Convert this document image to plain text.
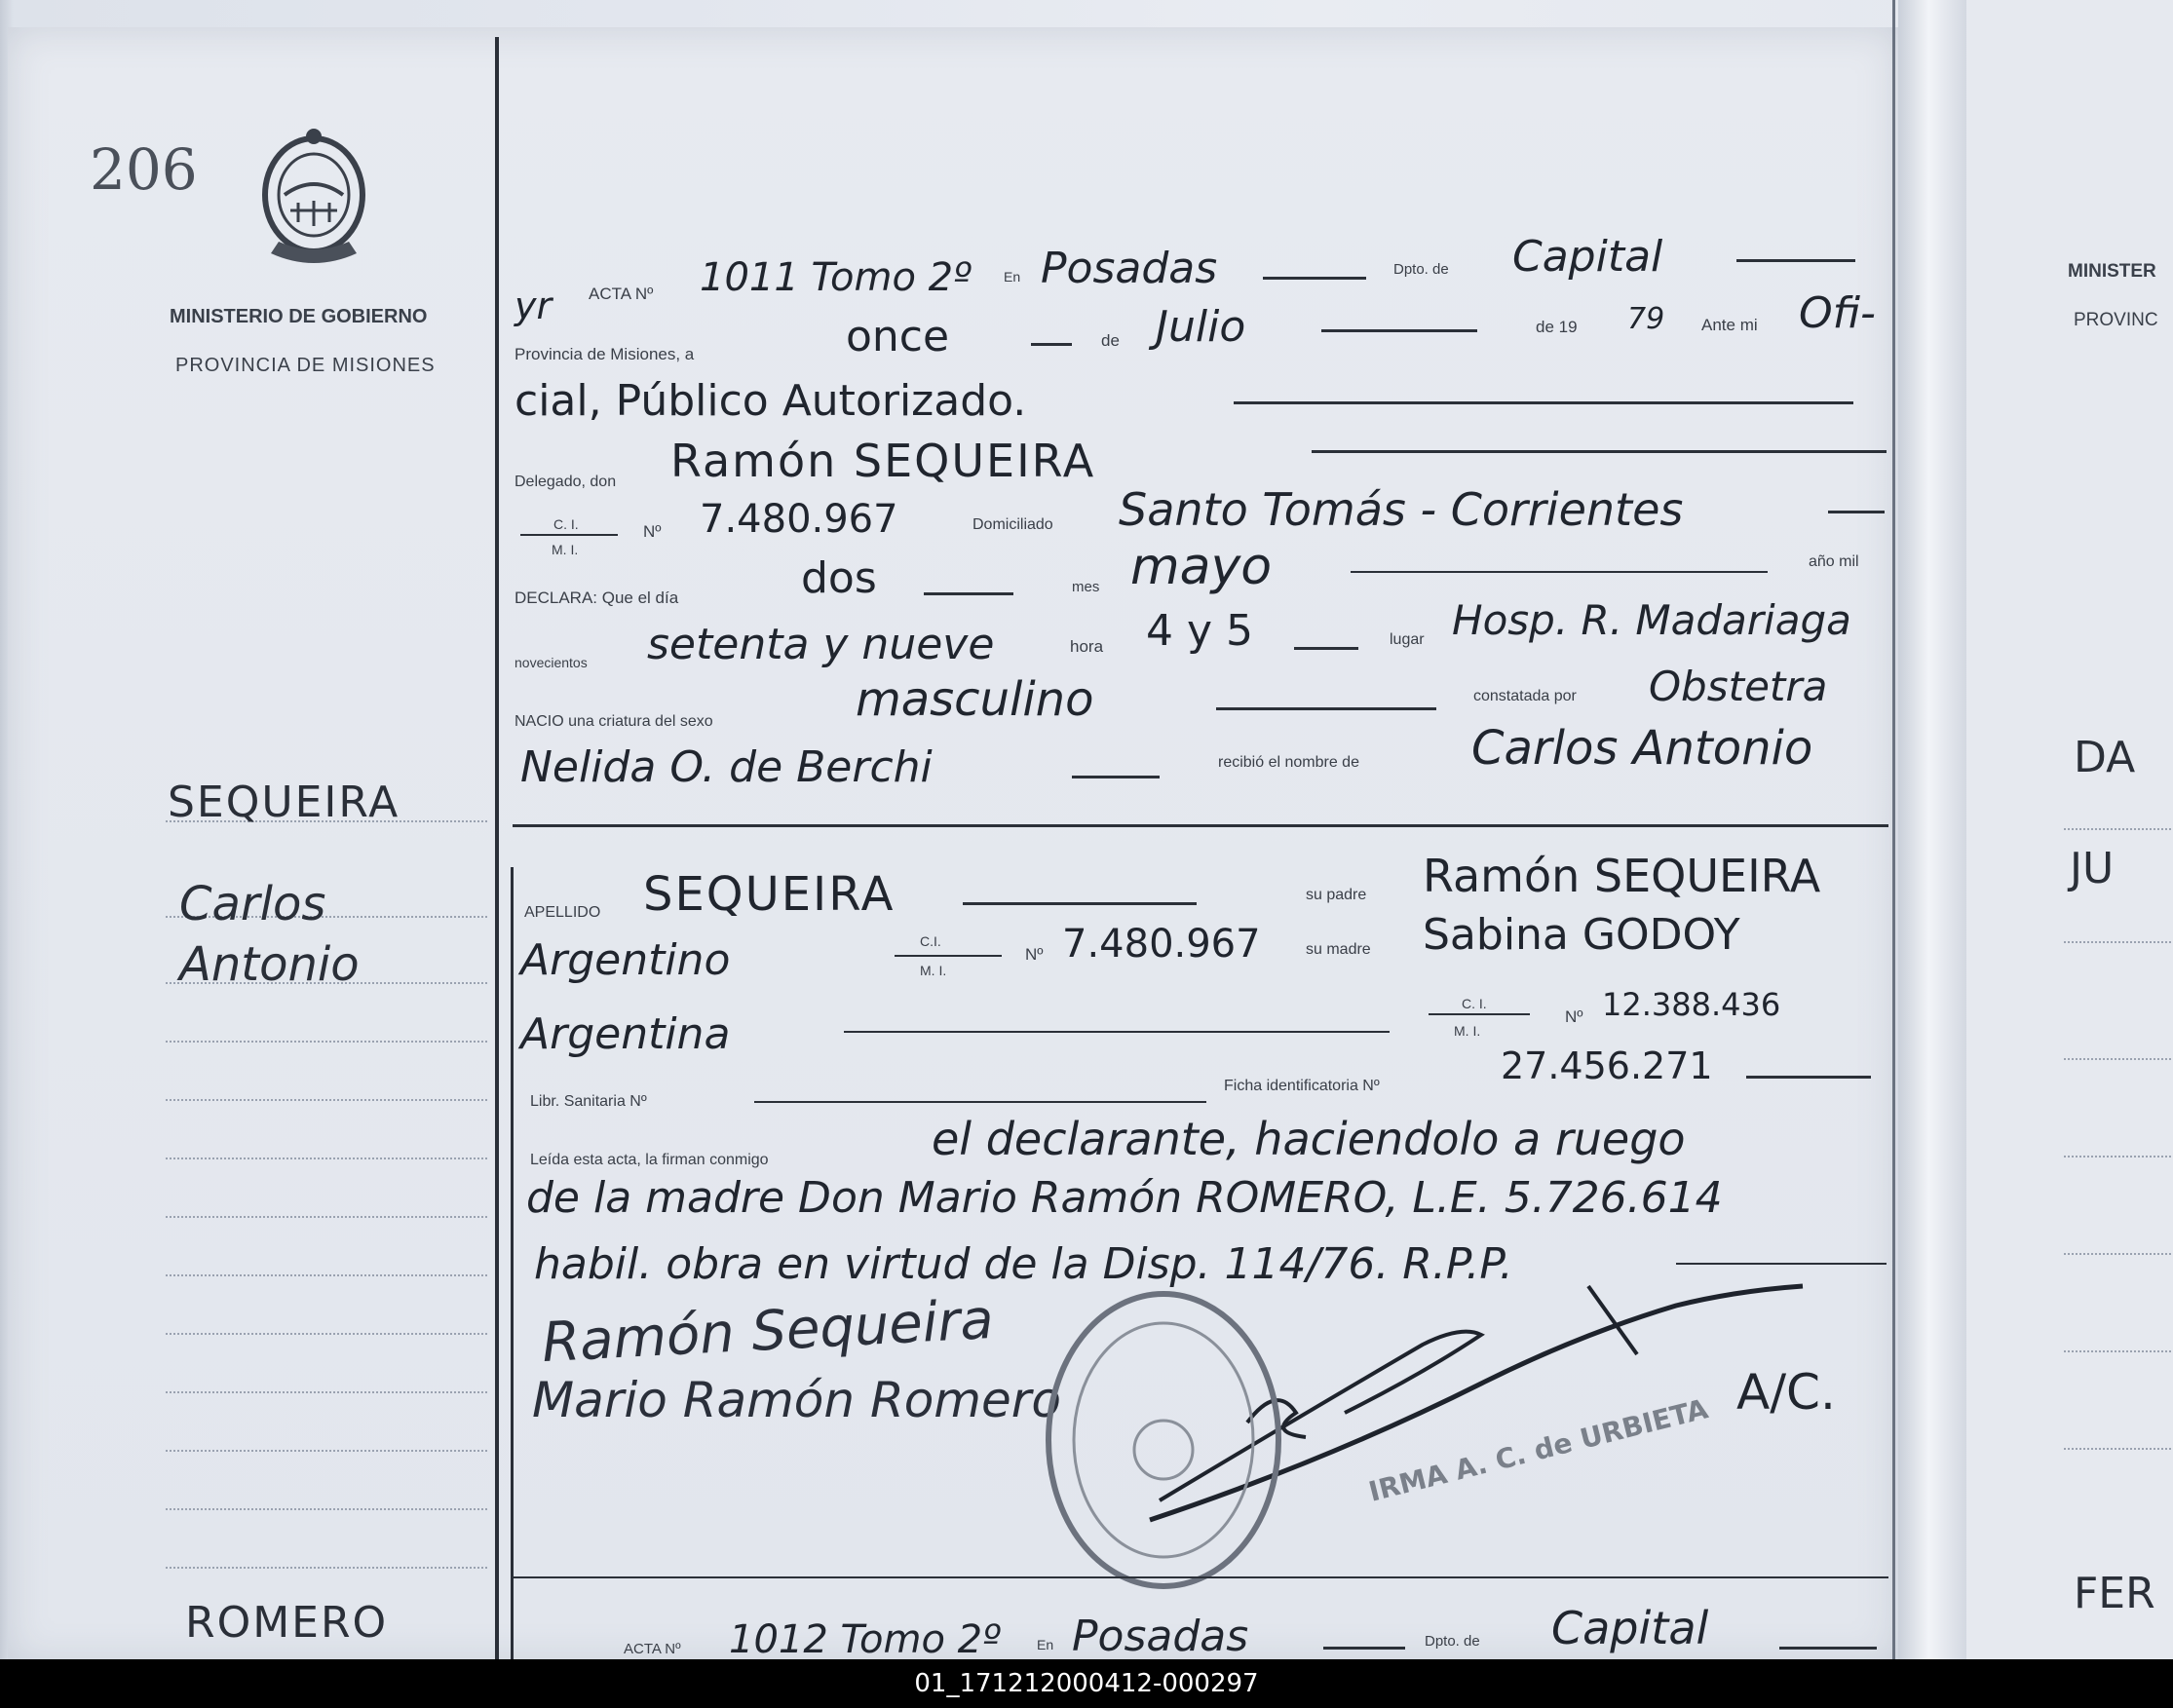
206
MINISTERIO DE GOBIERNO
PROVINCIA DE MISIONES
SEQUEIRA
Carlos
Antonio
ROMERO
yr ACTA Nº 1011 Tomo 2º En Posadas	Dpto. de Capital
Provincia de Misiones, a	once	de Julio	de 19 79 Ante mi Ofi-
cial, Público Autorizado.
Delegado, don Ramón SEQUEIRA
C. I.
M. I.
Nº 7.480.967	Domiciliado Santo Tomás - Corrientes
DECLARA: Que el día	dos	mes mayo	año mil
novecientos setenta y nueve	hora 4 y 5	lugar Hosp. R. Madariaga
NACIO una criatura del sexo	masculino	constatada por Obstetra
Nelida O. de Berchi	recibió el nombre de Carlos Antonio
APELLIDO SEQUEIRA	su padre Ramón SEQUEIRA
Argentino	C.I.
M. I.
Nº 7.480.967	su madre Sabina GODOY
Argentina
C. I.
M. I.
Nº 12.388.436
Libr. Sanitaria Nº
Ficha identificatoria Nº	27.456.271
Leída esta acta, la firman conmigo	el declarante, haciendolo a ruego
de la madre Don Mario Ramón ROMERO, L.E. 5.726.614
habil. obra en virtud de la Disp. 114/76. R.P.P.
Ramón Sequeira
Mario Ramón Romero	A/C.
IRMA A. C. de URBIETA
ACTA Nº 1012 Tomo 2º	En Posadas	Dpto. de Capital
MINISTER
PROVINC
DA
JU
FER
01_171212000412-000297
